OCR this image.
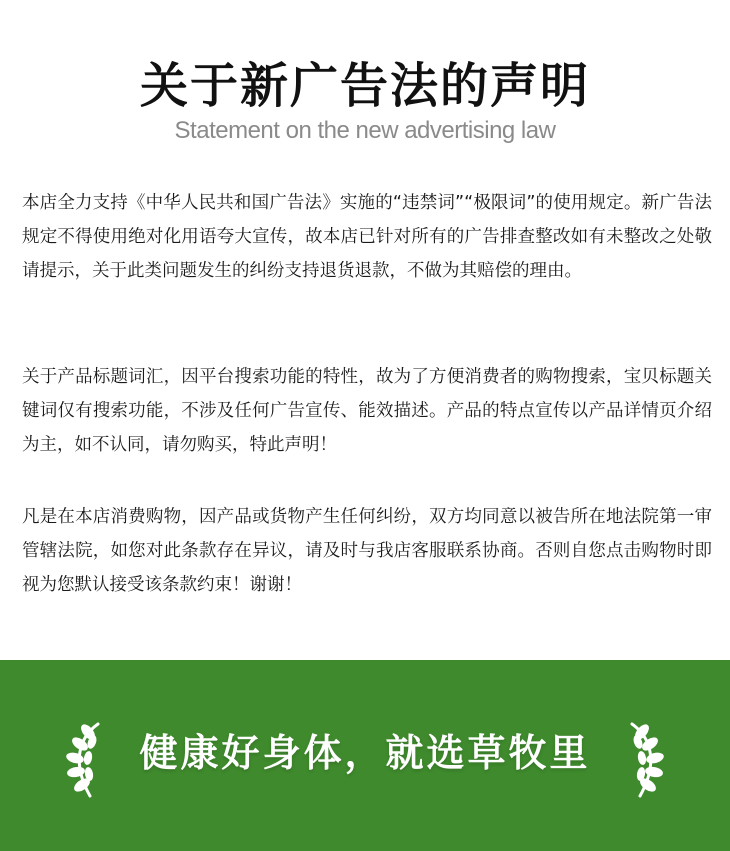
关于新广告法的声明
Statement on the new advertising law
本店全力支持《中华人民共和国广告法》实施的“违禁词”“极限词”的使用规定。新广告法规定不得使用绝对化用语夸大宣传，故本店已针对所有的广告排查整改如有未整改之处敬请提示，关于此类问题发生的纠纷支持退货退款，不做为其赔偿的理由。
关于产品标题词汇，因平台搜索功能的特性，故为了方便消费者的购物搜索，宝贝标题关键词仅有搜索功能，不涉及任何广告宣传、能效描述。产品的特点宣传以产品详情页介绍为主，如不认同，请勿购买，特此声明！
凡是在本店消费购物，因产品或货物产生任何纠纷，双方均同意以被告所在地法院第一审管辖法院，如您对此条款存在异议，请及时与我店客服联系协商。否则自您点击购物时即视为您默认接受该条款约束！谢谢！
健康好身体，就选草牧里
